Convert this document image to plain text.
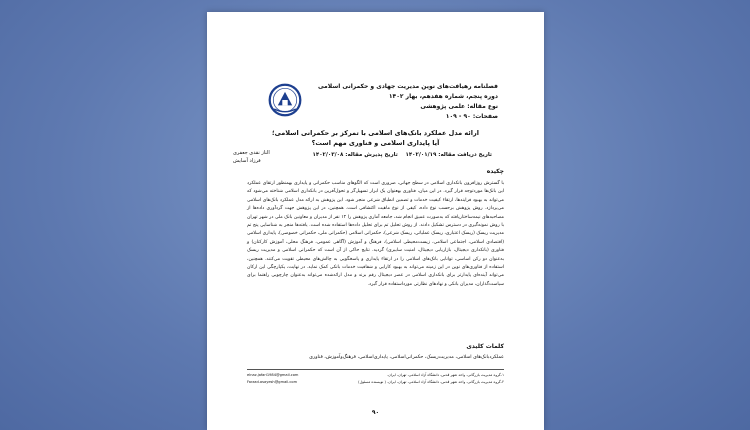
فصلنامه رهیافت‌های نوین مدیریت جهادی و حکمرانی اسلامی
دوره پنجم، شماره هفدهم، بهار ۱۴۰۲
نوع مقاله: علمی پژوهشی
صفحات: ۹۰ - ۱۰۹
ارائه مدل عملکرد بانک‌های اسلامی با تمرکز بر حکمرانی اسلامی؛
آیا پایداری اسلامی و فناوری مهم است؟
الناز نقدی جعفری
فرزاد آسایش
تاریخ دریافت مقاله: ۱۴۰۲/۰۱/۱۹    تاریخ پذیرش مقاله: ۱۴۰۲/۰۳/۰۸
چکیده
با گسترش روزافزون بانکداری اسلامی در سطح جهانی، ضروری است که الگوهای مناسب حکمرانی و پایداری بهمنظور ارتقای عملکرد این بانک‌ها موردتوجه قرار گیرد. در این میان، فناوری بهعنوان یک ابزار تسهیل‌گر و تحول‌آفرین در بانکداری اسلامی شناخته می‌شود که می‌تواند به بهبود فرایندها، ارتقاء کیفیت خدمات و تضمین انطباق شرعی منجر شود. این پژوهش به ارائه مدل عملکرد بانک‌های اسلامی می‌پردازد. روش پژوهش برحسب نوع داده، کیفی از نوع ماهیت اکتشافی است. همچنین، در این پژوهش جهت گردآوری داده‌ها از مصاحبه‌های نیمه‌ساختاریافته که به‌صورت عمیق انجام شد، جامعه آماری پژوهش را ۱۲ نفر از مدیران و معاونین بانک ملی در شهر تهران با روش نمونه‌گیری در دسترس تشکیل دادند. از روش تحلیل تم برای تحلیل داده‌ها استفاده شده است. یافته‌ها منجر به شناسایی پنج تم مدیریت ریسک (ریسک اعتباری، ریسک عملیاتی، ریسک شرعی)، حکمرانی اسلامی (حکمرانی ملی، حکمرانی خصوصی)، پایداری اسلامی (اقتصادی اسلامی، اجتماعی اسلامی، زیست‌محیطی اسلامی)، فرهنگ و آموزش (آگاهی عمومی، فرهنگ محلی، آموزش کارکنان) و فناوری (بانکداری دیجیتال، بازاریابی دیجیتال، امنیت سایبری) گردید. نتایج حاکی از آن است که حکمرانی اسلامی و مدیریت ریسک به‌عنوان دو رکن اساسی، توانایی بانک‌های اسلامی را در ارتقاء پایداری و پاسخگویی به چالش‌های محیطی تقویت می‌کنند. همچنین، استفاده از فناوری‌های نوین در این زمینه می‌تواند به بهبود کارایی و شفافیت خدمات بانکی کمک نماید. در نهایت، یکپارچگی این ارکان می‌تواند آینده‌ای پایدارتر برای بانکداری اسلامی در عصر دیجیتال رقم بزند و مدل ارائه‌شده می‌تواند به‌عنوان چارچوبی راهنما برای سیاست‌گذاران، مدیران بانکی و نهادهای نظارتی مورداستفاده قرار گیرد.
کلمات کلیدی
عملکردبانک‌های اسلامی، مدیریت‌ریسک، حکمرانی‌اسلامی، پایداری‌اسلامی، فرهنگ‌وآموزش، فناوری
۱-گروه مدیریت بازرگانی، واحد شهر قدس، دانشگاه آزاد اسلامی، تهران، ایران.
elnaz.jafari1984@gmail.com
۲-گروه مدیریت بازرگانی، واحد شهر قدس، دانشگاه آزاد اسلامی، تهران، ایران. ( نویسنده مسئول)
Farzad.asayesh@gmail.com
۹۰
